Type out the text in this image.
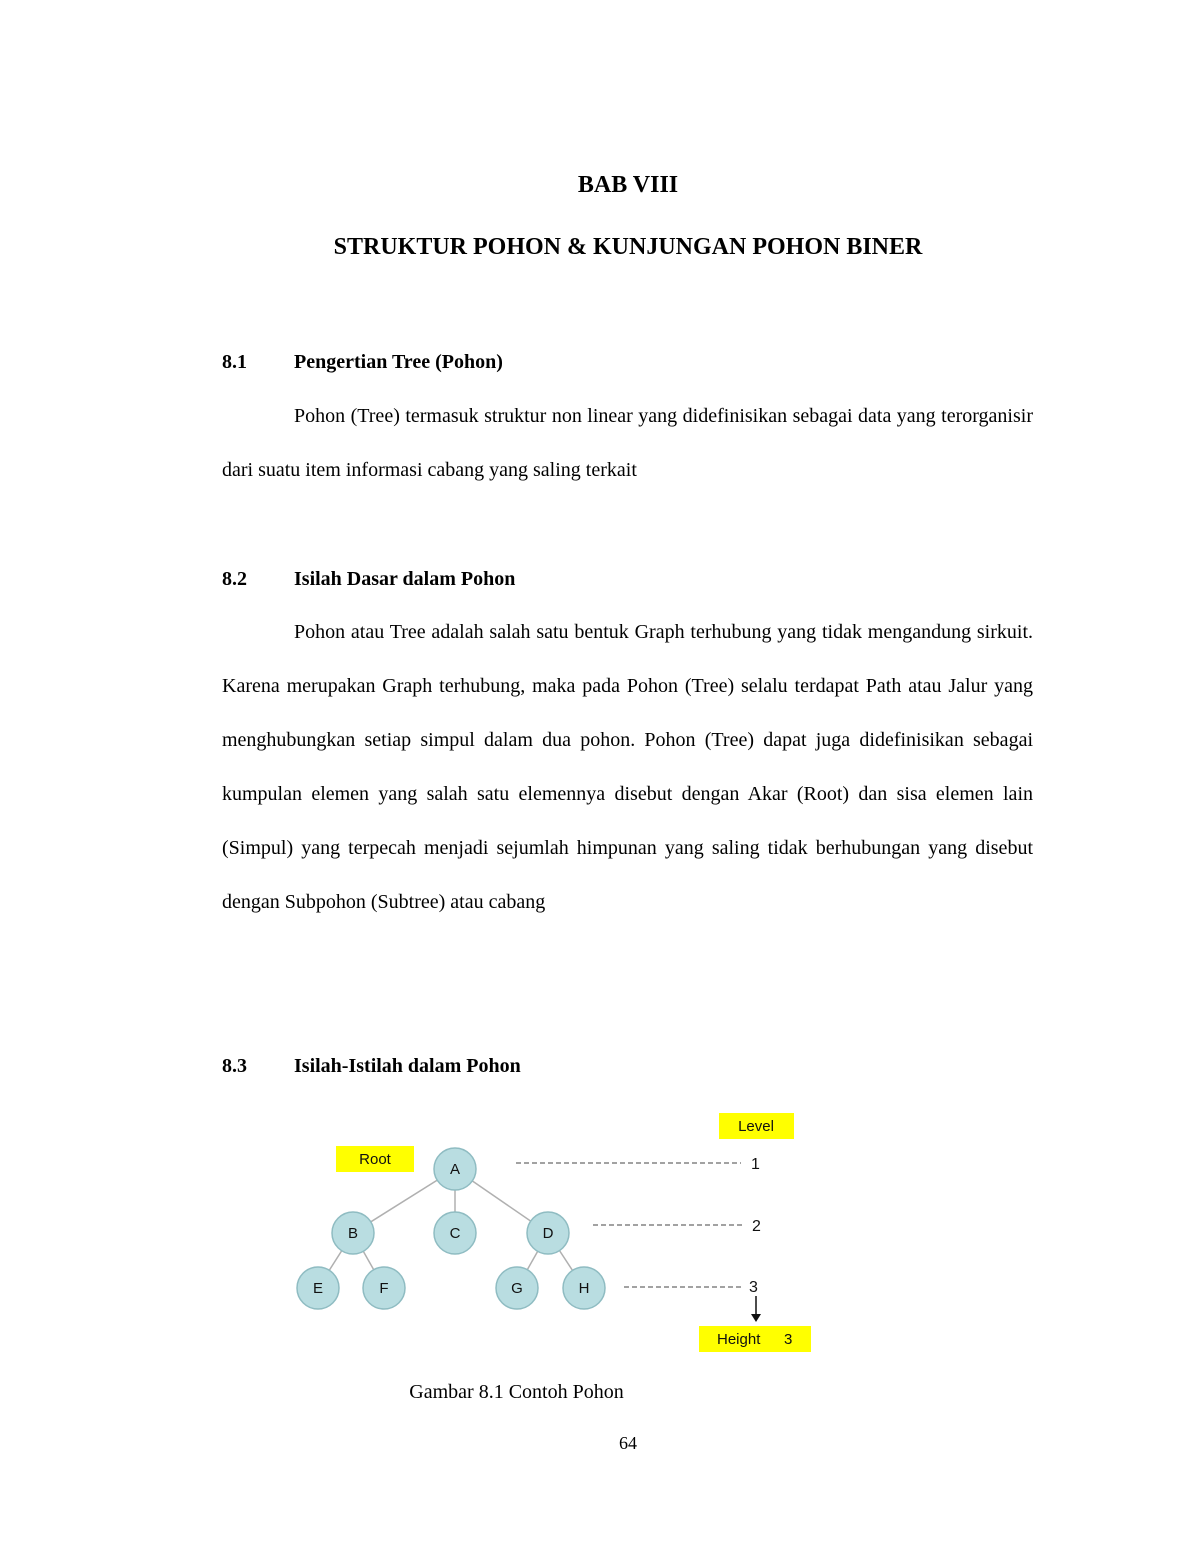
BAB VIII
STRUKTUR POHON & KUNJUNGAN POHON BINER
8.1 Pengertian Tree (Pohon)

Pohon (Tree) termasuk struktur non linear yang didefinisikan sebagai data yang terorganisir dari suatu item informasi cabang yang saling terkait

8.2 Isilah Dasar dalam Pohon

Pohon atau Tree adalah salah satu bentuk Graph terhubung yang tidak mengandung sirkuit. Karena merupakan Graph terhubung, maka pada Pohon (Tree) selalu terdapat Path atau Jalur yang menghubungkan setiap simpul dalam dua pohon. Pohon (Tree) dapat juga didefinisikan sebagai kumpulan elemen yang salah satu elemennya disebut dengan Akar (Root) dan sisa elemen lain (Simpul) yang terpecah menjadi sejumlah himpunan yang saling tidak berhubungan yang disebut dengan Subpohon (Subtree) atau cabang

8.3 Isilah-Istilah dalam Pohon
A
B	C	D
E	F	G	H
Level
Root
Height 3
1
2
3
Gambar 8.1 Contoh Pohon
64
